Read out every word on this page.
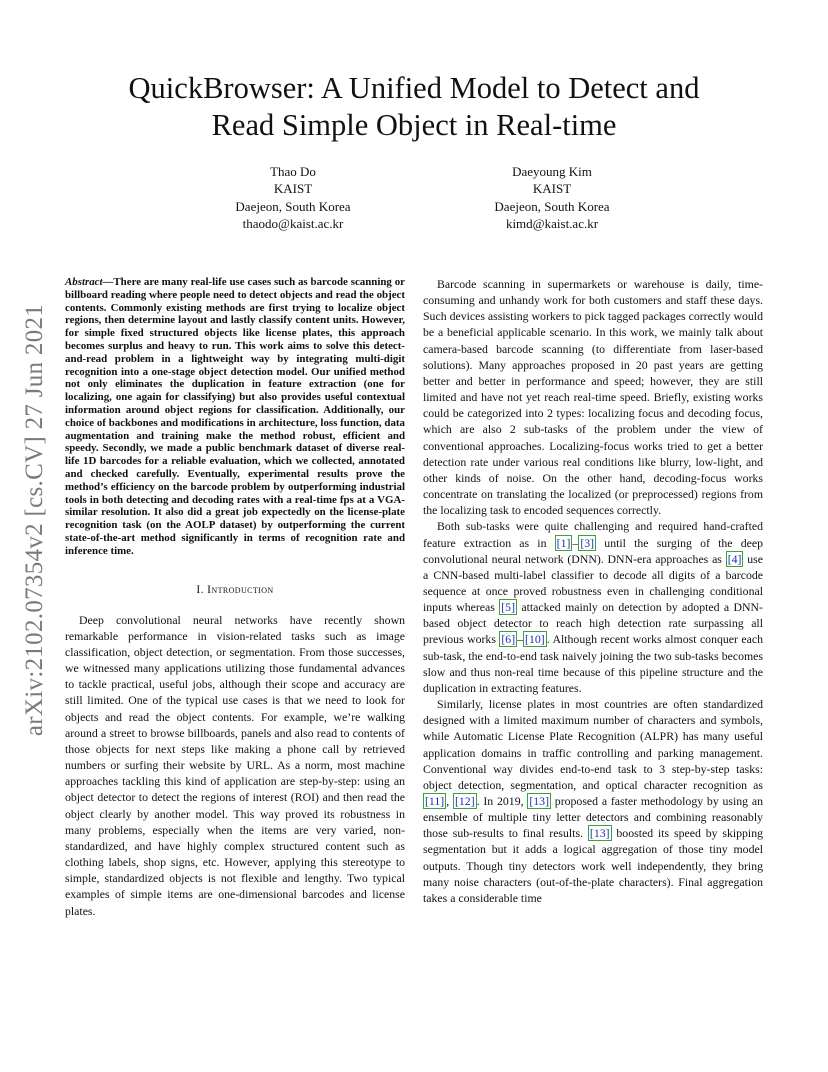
arXiv:2102.07354v2 [cs.CV] 27 Jun 2021
QuickBrowser: A Unified Model to Detect and
Read Simple Object in Real-time
Thao Do
KAIST
Daejeon, South Korea
thaodo@kaist.ac.kr
Daeyoung Kim
KAIST
Daejeon, South Korea
kimd@kaist.ac.kr
Abstract—There are many real-life use cases such as barcode scanning or billboard reading where people need to detect objects and read the object contents. Commonly existing methods are first trying to localize object regions, then determine layout and lastly classify content units. However, for simple fixed structured objects like license plates, this approach becomes surplus and heavy to run. This work aims to solve this detect-and-read problem in a lightweight way by integrating multi-digit recognition into a one-stage object detection model. Our unified method not only eliminates the duplication in feature extraction (one for localizing, one again for classifying) but also provides useful contextual information around object regions for classification. Additionally, our choice of backbones and modifications in architecture, loss function, data augmentation and training make the method robust, efficient and speedy. Secondly, we made a public benchmark dataset of diverse real-life 1D barcodes for a reliable evaluation, which we collected, annotated and checked carefully. Eventually, experimental results prove the method’s efficiency on the barcode problem by outperforming industrial tools in both detecting and decoding rates with a real-time fps at a VGA-similar resolution. It also did a great job expectedly on the license-plate recognition task (on the AOLP dataset) by outperforming the current state-of-the-art method significantly in terms of recognition rate and inference time.
I. Introduction

Deep convolutional neural networks have recently shown remarkable performance in vision-related tasks such as image classification, object detection, or segmentation. From those successes, we witnessed many applications utilizing those fundamental advances to tackle practical, useful jobs, although their scope and accuracy are still limited. One of the typical use cases is that we need to look for objects and read the object contents. For example, we’re walking around a street to browse billboards, panels and also read to contents of those objects for next steps like making a phone call by retrieved numbers or surfing their website by URL. As a norm, most machine approaches tackling this kind of application are step-by-step: using an object detector to detect the regions of interest (ROI) and then read the object clearly by another model. This way proved its robustness in many problems, especially when the items are very varied, non-standardized, and have highly complex structured content such as clothing labels, shop signs, etc. However, applying this stereotype to simple, standardized objects is not flexible and lengthy. Two typical examples of simple items are one-dimensional barcodes and license plates.

Barcode scanning in supermarkets or warehouse is daily, time-consuming and unhandy work for both customers and staff these days. Such devices assisting workers to pick tagged packages correctly would be a beneficial applicable scenario. In this work, we mainly talk about camera-based barcode scanning (to differentiate from laser-based solutions). Many approaches proposed in 20 past years are getting better and better in performance and speed; however, they are still limited and have not yet reach real-time speed. Briefly, existing works could be categorized into 2 types: localizing focus and decoding focus, which are also 2 sub-tasks of the problem under the view of conventional approaches. Localizing-focus works tried to get a better detection rate under various real conditions like blurry, low-light, and other kinds of noise. On the other hand, decoding-focus works concentrate on translating the localized (or preprocessed) regions from the localizing task to encoded sequences correctly.

Both sub-tasks were quite challenging and required hand-crafted feature extraction as in [1] – [3] until the surging of the deep convolutional neural network (DNN). DNN-era approaches as [4] use a CNN-based multi-label classifier to decode all digits of a barcode sequence at once proved robustness even in challenging conditional inputs whereas [5] attacked mainly on detection by adopted a DNN-based object detector to reach high detection rate surpassing all previous works [6] – [10] . Although recent works almost conquer each sub-task, the end-to-end task naively joining the two sub-tasks becomes slow and thus non-real time because of this pipeline structure and the duplication in extracting features.

Similarly, license plates in most countries are often standardized designed with a limited maximum number of characters and symbols, while Automatic License Plate Recognition (ALPR) has many useful application domains in traffic controlling and parking management. Conventional way divides end-to-end task to 3 step-by-step tasks: object detection, segmentation, and optical character recognition as [11] , [12] . In 2019, [13] proposed a faster methodology by using an ensemble of multiple tiny letter detectors and combining reasonably those sub-results to final results. [13] boosted its speed by skipping segmentation but it adds a logical aggregation of those tiny model outputs. Though tiny detectors work well independently, they bring many noise characters (out-of-the-plate characters). Final aggregation takes a considerable time
